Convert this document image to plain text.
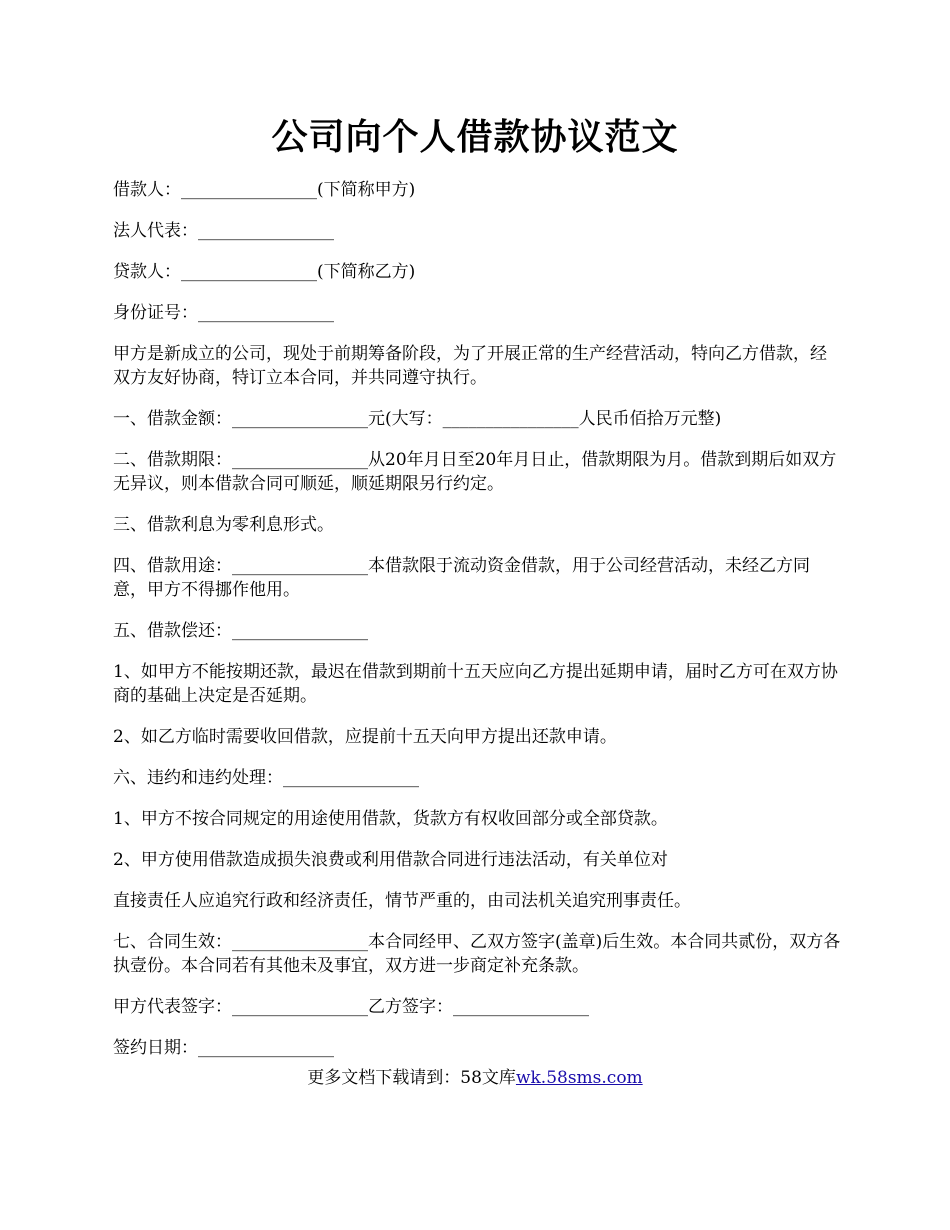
公司向个人借款协议范文

借款人：________________(下简称甲方)

法人代表：________________

贷款人：________________(下简称乙方)

身份证号：________________

甲方是新成立的公司，现处于前期筹备阶段，为了开展正常的生产经营活动，特向乙方借款，经双方友好协商，特订立本合同，并共同遵守执行。

一、借款金额：________________元(大写：________________人民币佰拾万元整)

二、借款期限：________________从20年月日至20年月日止，借款期限为月。借款到期后如双方无异议，则本借款合同可顺延，顺延期限另行约定。

三、借款利息为零利息形式。

四、借款用途：________________本借款限于流动资金借款，用于公司经营活动，未经乙方同意，甲方不得挪作他用。

五、借款偿还：________________

1、如甲方不能按期还款，最迟在借款到期前十五天应向乙方提出延期申请，届时乙方可在双方协商的基础上决定是否延期。

2、如乙方临时需要收回借款，应提前十五天向甲方提出还款申请。

六、违约和违约处理：________________

1、甲方不按合同规定的用途使用借款，货款方有权收回部分或全部贷款。

2、甲方使用借款造成损失浪费或利用借款合同进行违法活动，有关单位对

直接责任人应追究行政和经济责任，情节严重的，由司法机关追究刑事责任。

七、合同生效：________________本合同经甲、乙双方签字(盖章)后生效。本合同共贰份，双方各执壹份。本合同若有其他未及事宜，双方进一步商定补充条款。

甲方代表签字：________________乙方签字：________________

签约日期：________________

更多文档下载请到：58文库wk.58sms.com
